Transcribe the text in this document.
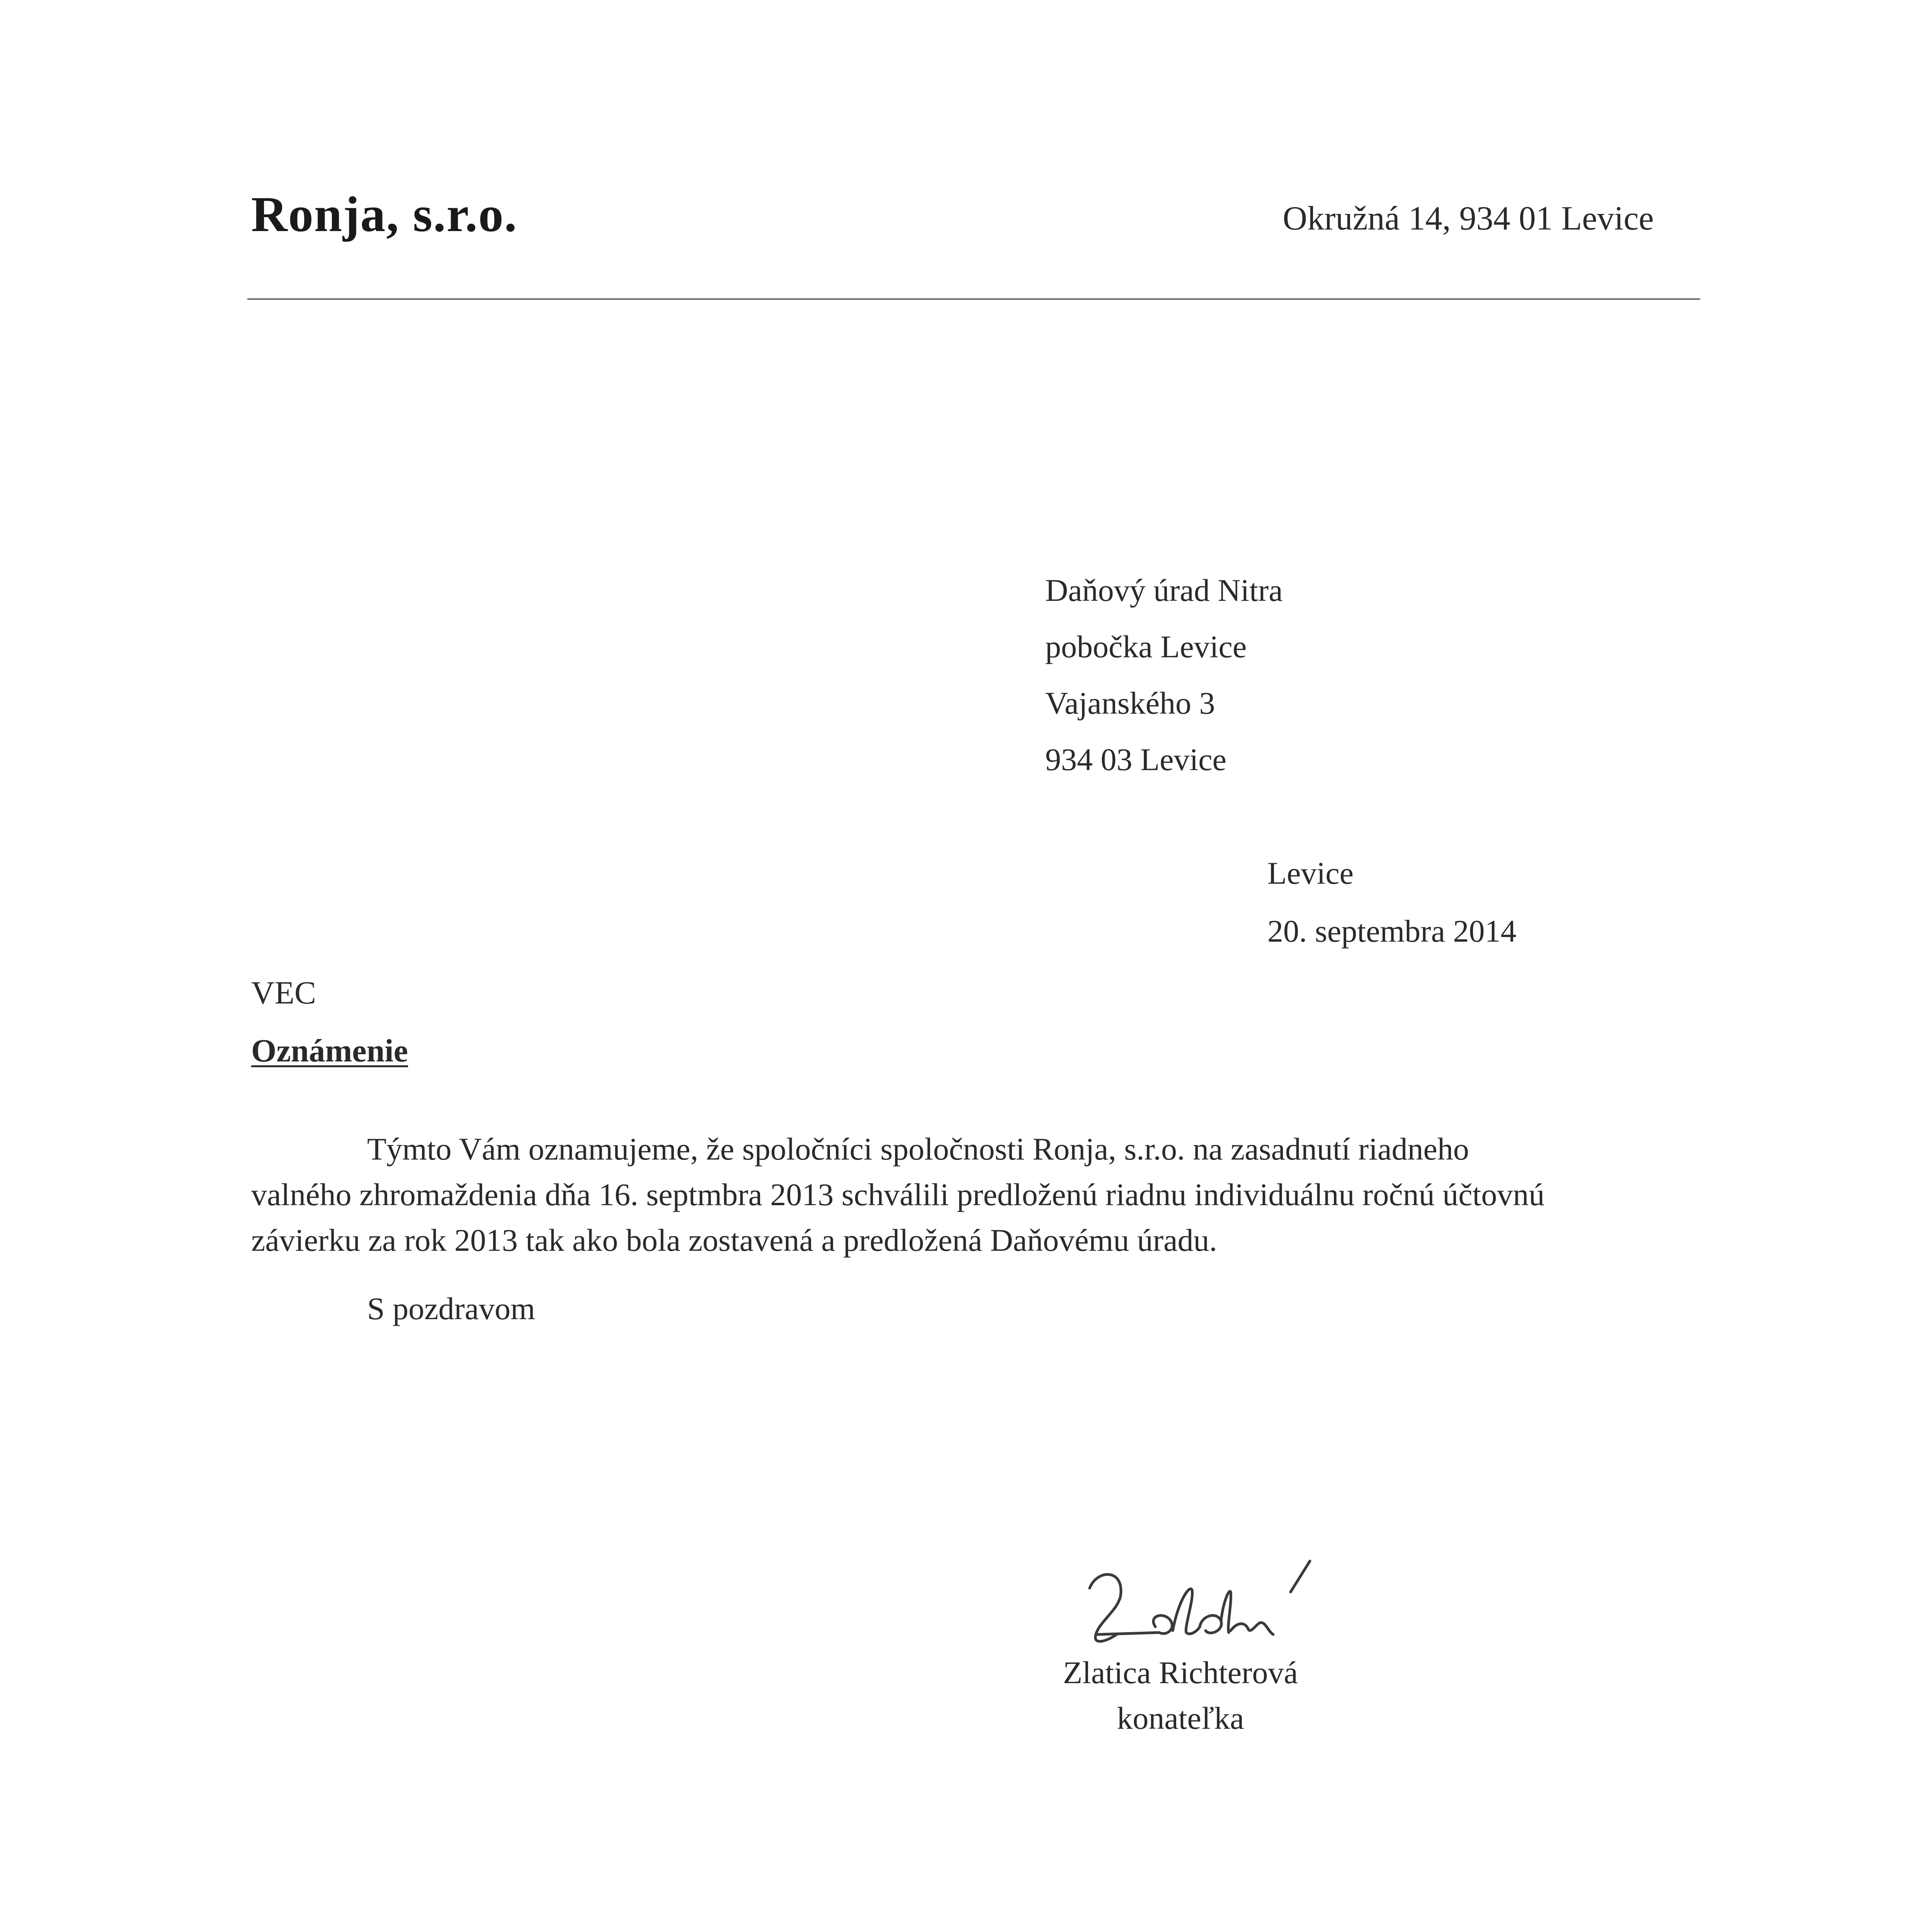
Ronja, s.r.o.	Okružná 14, 934 01 Levice
Daňový úrad Nitra
pobočka Levice
Vajanského 3
934 03 Levice
Levice
20. septembra 2014
VEC
Oznámenie
Týmto Vám oznamujeme, že spoločníci spoločnosti Ronja, s.r.o. na zasadnutí riadneho
valného zhromaždenia dňa 16. septmbra 2013 schválili predloženú riadnu individuálnu ročnú účtovnú
závierku za rok 2013 tak ako bola zostavená a predložená Daňovému úradu.
S pozdravom
Zlatica Richterová
konateľka
